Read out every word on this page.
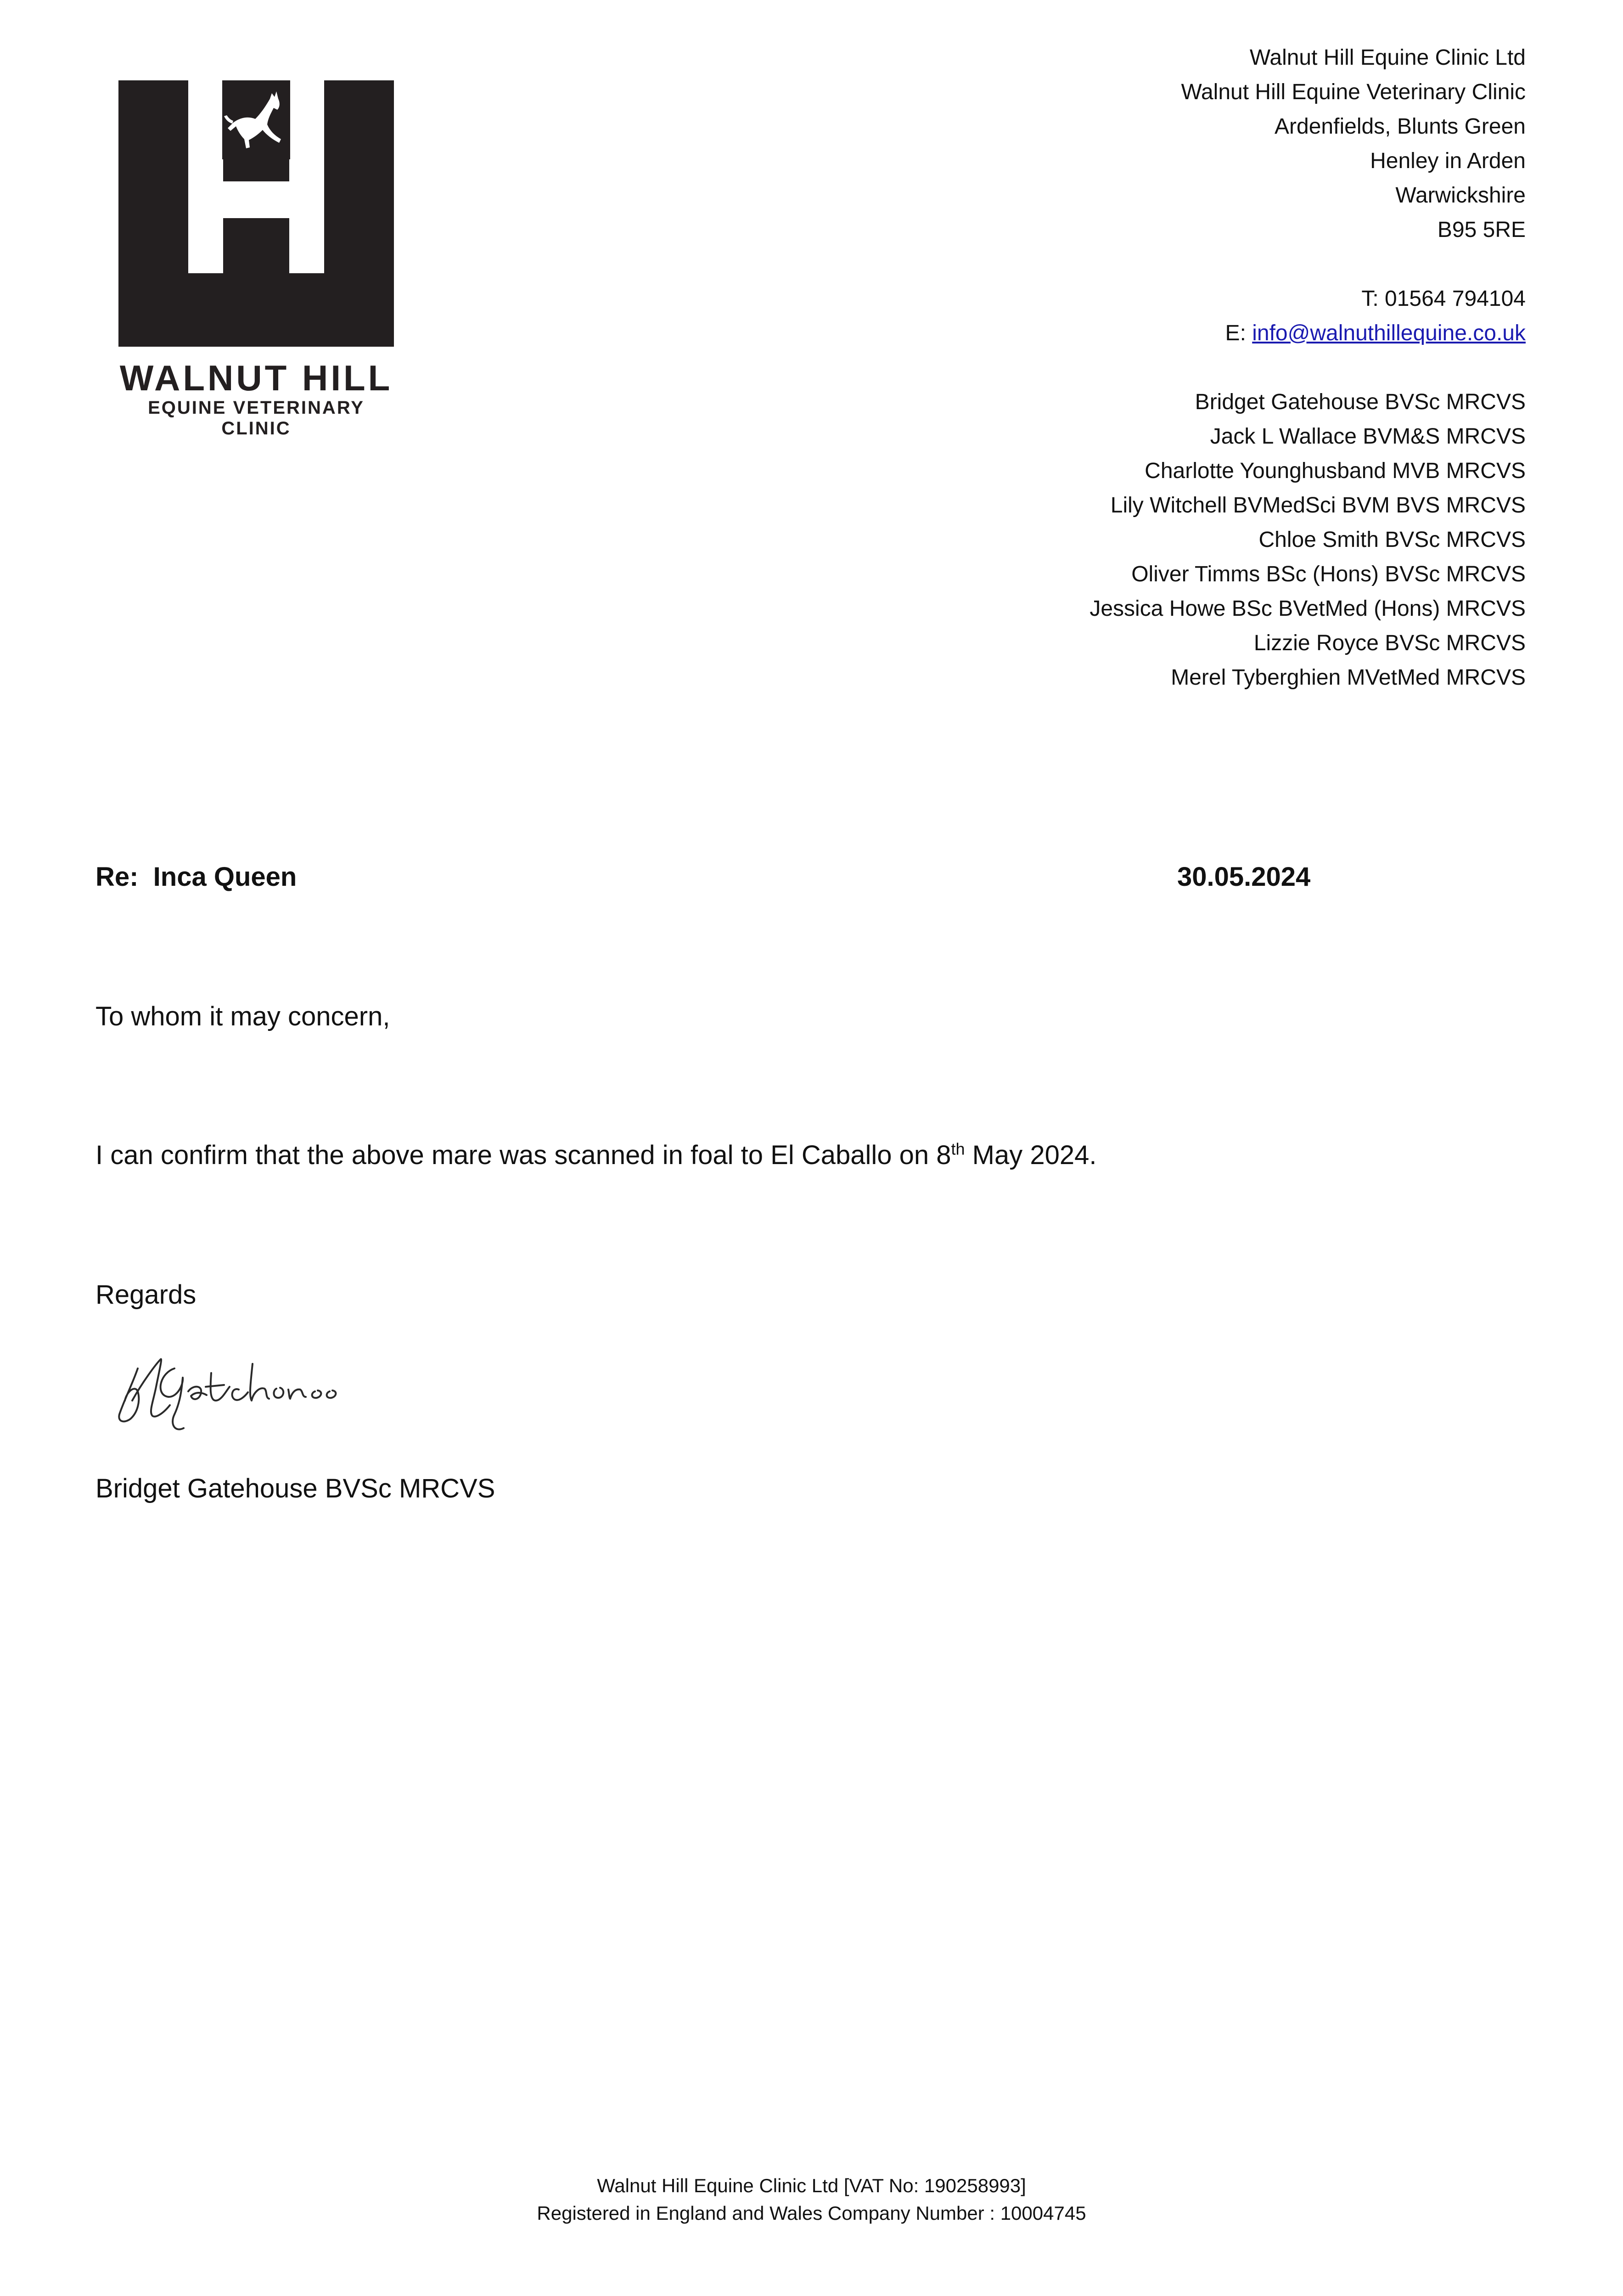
WALNUT HILL
EQUINE VETERINARY CLINIC
Walnut Hill Equine Clinic Ltd
Walnut Hill Equine Veterinary Clinic
Ardenfields, Blunts Green
Henley in Arden
Warwickshire
B95 5RE
T: 01564 794104
E: info@walnuthillequine.co.uk
Bridget Gatehouse BVSc MRCVS
Jack L Wallace BVM&S MRCVS
Charlotte Younghusband MVB MRCVS
Lily Witchell BVMedSci BVM BVS MRCVS
Chloe Smith BVSc MRCVS
Oliver Timms BSc (Hons) BVSc MRCVS
Jessica Howe BSc BVetMed (Hons) MRCVS
Lizzie Royce BVSc MRCVS
Merel Tyberghien MVetMed MRCVS
Re:  Inca Queen	30.05.2024
To whom it may concern,
I can confirm that the above mare was scanned in foal to El Caballo on 8th May 2024.
Regards
Bridget Gatehouse BVSc MRCVS
Walnut Hill Equine Clinic Ltd [VAT No: 190258993]
Registered in England and Wales Company Number : 10004745
